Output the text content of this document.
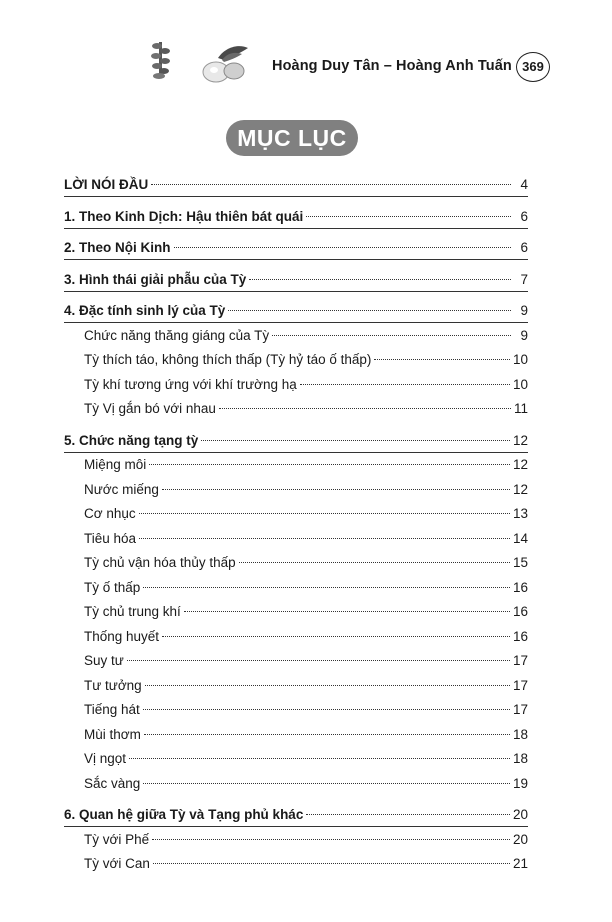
Hoàng Duy Tân – Hoàng Anh Tuấn 369
MỤC LỤC
LỜI NÓI ĐẦU	4
1. Theo Kinh Dịch: Hậu thiên bát quái	6
2. Theo Nội Kinh	6
3. Hình thái giải phẫu của Tỳ	7
4. Đặc tính sinh lý của Tỳ	9
Chức năng thăng giáng của Tỳ	9
Tỳ thích táo, không thích thấp (Tỳ hỷ táo ố thấp)	10
Tỳ khí tương ứng với khí trường hạ	10
Tỳ Vị gắn bó với nhau	11
5. Chức năng tạng tỳ	12
Miệng môi	12
Nước miếng	12
Cơ nhục	13
Tiêu hóa	14
Tỳ chủ vận hóa thủy thấp	15
Tỳ ố thấp	16
Tỳ chủ trung khí	16
Thống huyết	16
Suy tư	17
Tư tưởng	17
Tiếng hát	17
Mùi thơm	18
Vị ngọt	18
Sắc vàng	19
6. Quan hệ giữa Tỳ và Tạng phủ khác	20
Tỳ với Phế	20
Tỳ với Can	21
